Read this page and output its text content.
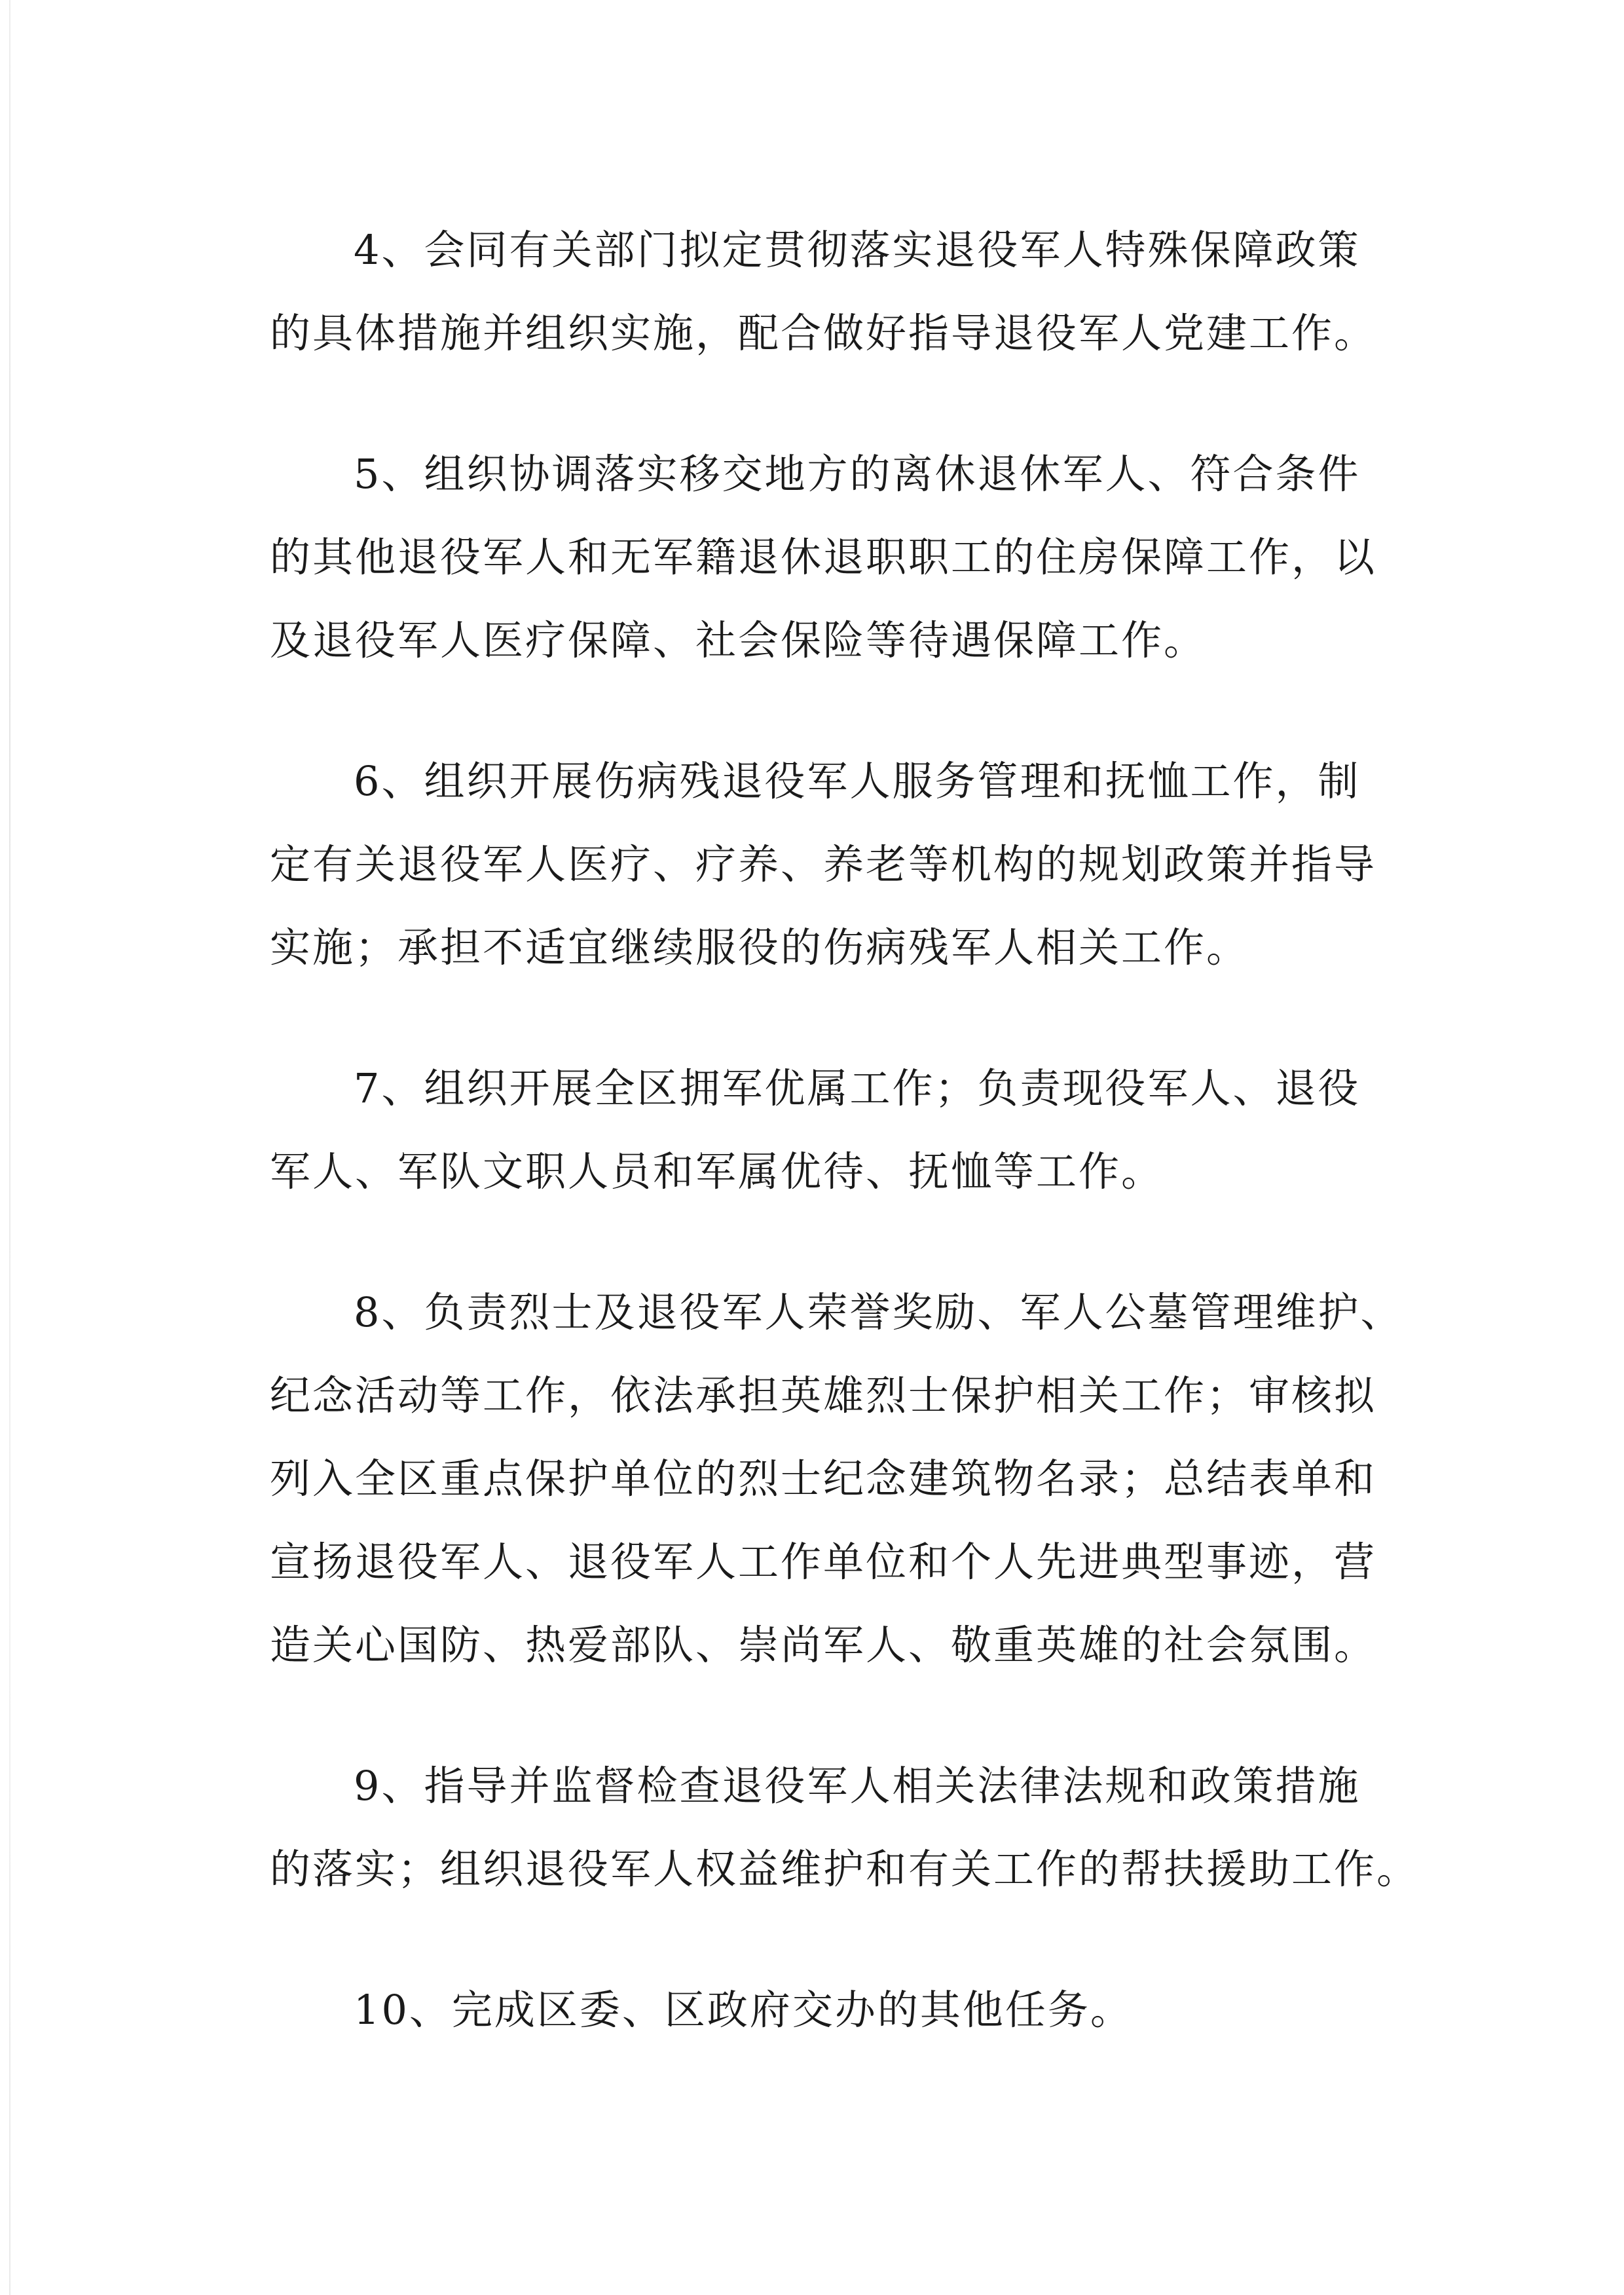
4、会同有关部门拟定贯彻落实退役军人特殊保障政策
的具体措施并组织实施，配合做好指导退役军人党建工作。

5、组织协调落实移交地方的离休退休军人、符合条件
的其他退役军人和无军籍退休退职职工的住房保障工作，以
及退役军人医疗保障、社会保险等待遇保障工作。

6、组织开展伤病残退役军人服务管理和抚恤工作，制
定有关退役军人医疗、疗养、养老等机构的规划政策并指导
实施；承担不适宜继续服役的伤病残军人相关工作。

7、组织开展全区拥军优属工作；负责现役军人、退役
军人、军队文职人员和军属优待、抚恤等工作。

8、负责烈士及退役军人荣誉奖励、军人公墓管理维护、
纪念活动等工作，依法承担英雄烈士保护相关工作；审核拟
列入全区重点保护单位的烈士纪念建筑物名录；总结表单和
宣扬退役军人、退役军人工作单位和个人先进典型事迹，营
造关心国防、热爱部队、崇尚军人、敬重英雄的社会氛围。

9、指导并监督检查退役军人相关法律法规和政策措施
的落实；组织退役军人权益维护和有关工作的帮扶援助工作。

10、完成区委、区政府交办的其他任务。
